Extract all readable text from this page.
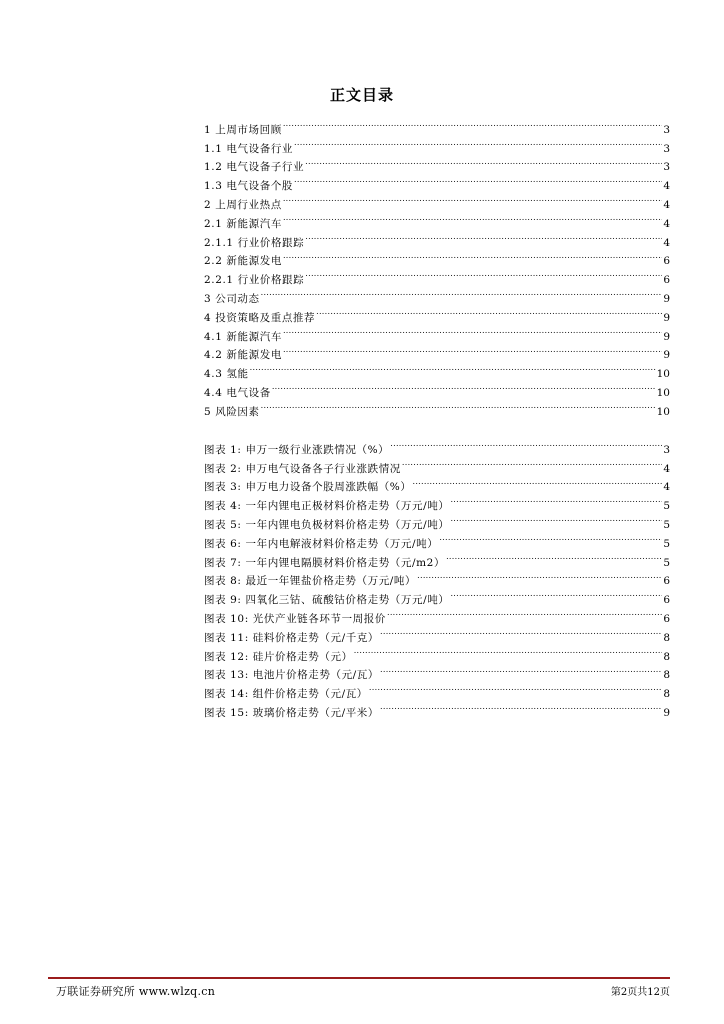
正文目录
1 上周市场回顾 .....	3
1.1 电气设备行业 .....	3
1.2 电气设备子行业 .....	3
1.3 电气设备个股 .....	4
2 上周行业热点 .....	4
2.1 新能源汽车 .....	4
2.1.1 行业价格跟踪 .....	4
2.2 新能源发电 .....	6
2.2.1 行业价格跟踪 .....	6
3 公司动态 .....	9
4 投资策略及重点推荐 .....	9
4.1 新能源汽车 .....	9
4.2 新能源发电 .....	9
4.3 氢能 .....	10
4.4 电气设备 .....	10
5 风险因素 .....	10
图表 1: 申万一级行业涨跌情况（%） .....	3
图表 2: 申万电气设备各子行业涨跌情况 .....	4
图表 3: 申万电力设备个股周涨跌幅（%） .....	4
图表 4: 一年内锂电正极材料价格走势（万元/吨） .....	5
图表 5: 一年内锂电负极材料价格走势（万元/吨） .....	5
图表 6: 一年内电解液材料价格走势（万元/吨） .....	5
图表 7: 一年内锂电隔膜材料价格走势（元/m2） .....	5
图表 8: 最近一年锂盐价格走势（万元/吨） .....	6
图表 9: 四氧化三钴、硫酸钴价格走势（万元/吨） .....	6
图表 10: 光伏产业链各环节一周报价 .....	6
图表 11: 硅料价格走势（元/千克） .....	8
图表 12: 硅片价格走势（元） .....	8
图表 13: 电池片价格走势（元/瓦） .....	8
图表 14: 组件价格走势（元/瓦） .....	8
图表 15: 玻璃价格走势（元/平米） .....	9
万联证券研究所 www.wlzq.cn	第2页共12页
